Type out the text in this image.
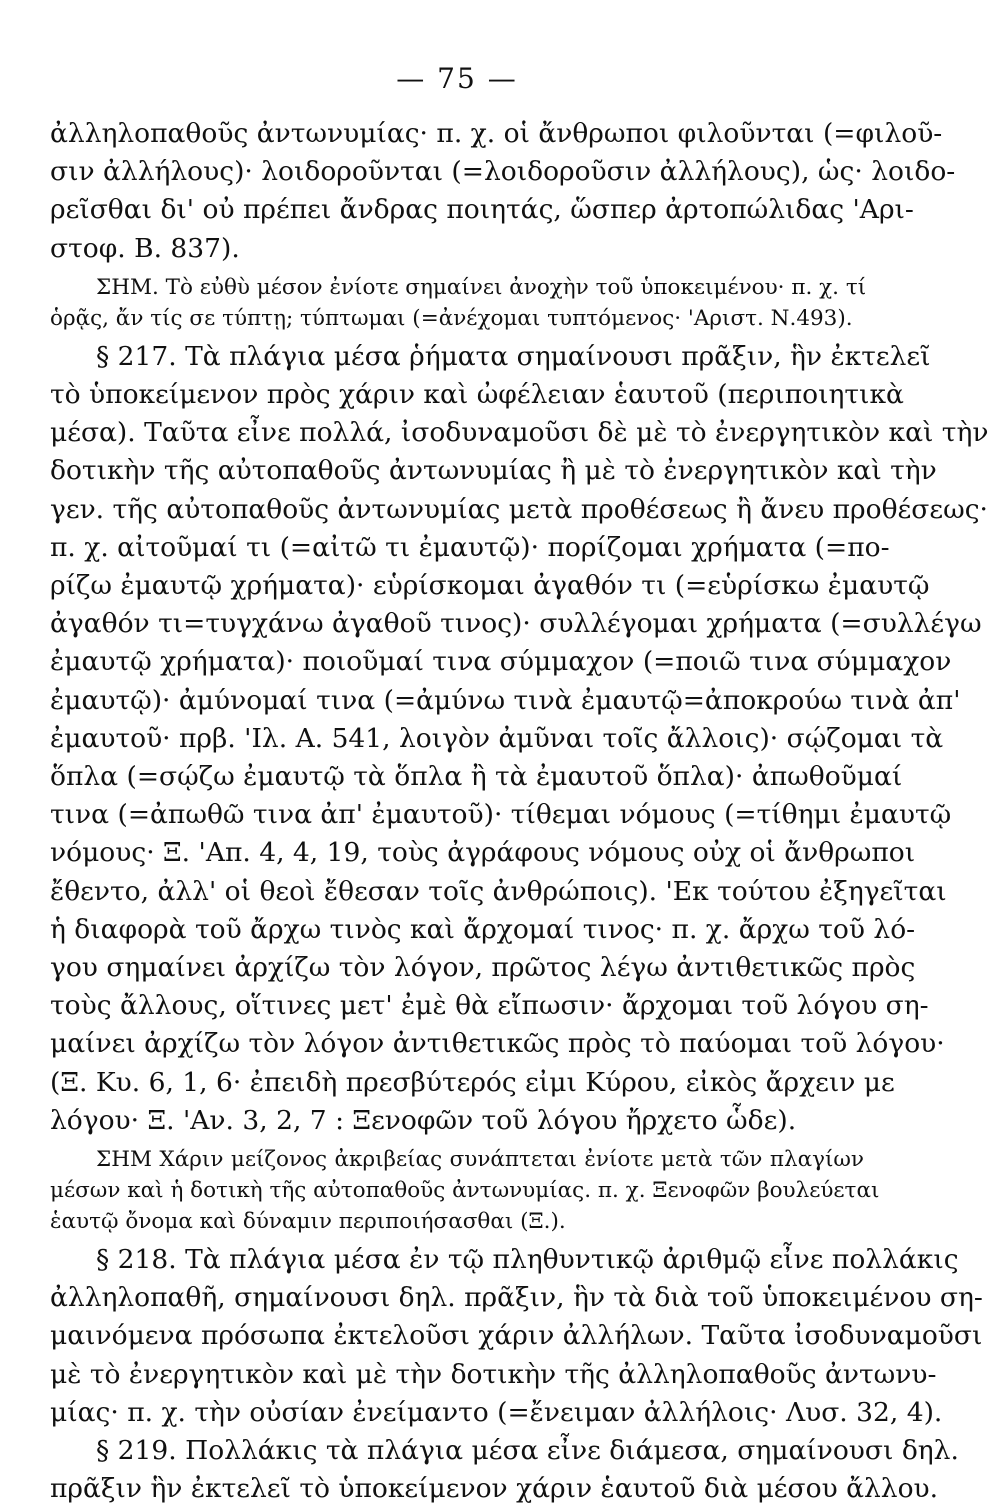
— 75 —
ἀλληλοπαθοῦς ἀντωνυμίας· π. χ. οἱ ἄνθρωποι φιλοῦνται (=φιλοῦ-
σιν ἀλλήλους)· λοιδοροῦνται (=λοιδοροῦσιν ἀλλήλους), ὡς· λοιδο-
ρεῖσθαι δι' οὐ πρέπει ἄνδρας ποιητάς, ὥσπερ ἀρτοπώλιδας 'Αρι-
στοφ. Β. 837).
ΣΗΜ. Τὸ εὐθὺ μέσον ἐνίοτε σημαίνει ἀνοχὴν τοῦ ὑποκειμένου· π. χ. τί
ὁρᾷς, ἄν τίς σε τύπτῃ; τύπτωμαι (=ἀνέχομαι τυπτόμενος· 'Αριστ. Ν.493).
§ 217. Τὰ πλάγια μέσα ῥήματα σημαίνουσι πρᾶξιν, ἣν ἐκτελεῖ
τὸ ὑποκείμενον πρὸς χάριν καὶ ὠφέλειαν ἑαυτοῦ (περιποιητικὰ
μέσα). Ταῦτα εἶνε πολλά, ἰσοδυναμοῦσι δὲ μὲ τὸ ἐνεργητικὸν καὶ τὴν
δοτικὴν τῆς αὐτοπαθοῦς ἀντωνυμίας ἢ μὲ τὸ ἐνεργητικὸν καὶ τὴν
γεν. τῆς αὐτοπαθοῦς ἀντωνυμίας μετὰ προθέσεως ἢ ἄνευ προθέσεως·
π. χ. αἰτοῦμαί τι (=αἰτῶ τι ἐμαυτῷ)· πορίζομαι χρήματα (=πο-
ρίζω ἐμαυτῷ χρήματα)· εὑρίσκομαι ἀγαθόν τι (=εὑρίσκω ἐμαυτῷ
ἀγαθόν τι=τυγχάνω ἀγαθοῦ τινος)· συλλέγομαι χρήματα (=συλλέγω
ἐμαυτῷ χρήματα)· ποιοῦμαί τινα σύμμαχον (=ποιῶ τινα σύμμαχον
ἐμαυτῷ)· ἀμύνομαί τινα (=ἀμύνω τινὰ ἐμαυτῷ=ἀποκρούω τινὰ ἀπ'
ἐμαυτοῦ· πρβ. 'Ιλ. Α. 541, λοιγὸν ἀμῦναι τοῖς ἄλλοις)· σῴζομαι τὰ
ὅπλα (=σῴζω ἐμαυτῷ τὰ ὅπλα ἢ τὰ ἐμαυτοῦ ὅπλα)· ἀπωθοῦμαί
τινα (=ἀπωθῶ τινα ἀπ' ἐμαυτοῦ)· τίθεμαι νόμους (=τίθημι ἐμαυτῷ
νόμους· Ξ. 'Απ. 4, 4, 19, τοὺς ἀγράφους νόμους οὐχ οἱ ἄνθρωποι
ἔθεντο, ἀλλ' οἱ θεοὶ ἔθεσαν τοῖς ἀνθρώποις). 'Εκ τούτου ἐξηγεῖται
ἡ διαφορὰ τοῦ ἄρχω τινὸς καὶ ἄρχομαί τινος· π. χ. ἄρχω τοῦ λό-
γου σημαίνει ἀρχίζω τὸν λόγον, πρῶτος λέγω ἀντιθετικῶς πρὸς
τοὺς ἄλλους, οἵτινες μετ' ἐμὲ θὰ εἴπωσιν· ἄρχομαι τοῦ λόγου ση-
μαίνει ἀρχίζω τὸν λόγον ἀντιθετικῶς πρὸς τὸ παύομαι τοῦ λόγου·
(Ξ. Κυ. 6, 1, 6· ἐπειδὴ πρεσβύτερός εἰμι Κύρου, εἰκὸς ἄρχειν με
λόγου· Ξ. 'Αν. 3, 2, 7 : Ξενοφῶν τοῦ λόγου ἤρχετο ὧδε).
ΣΗΜ Χάριν μείζονος ἀκριβείας συνάπτεται ἐνίοτε μετὰ τῶν πλαγίων
μέσων καὶ ἡ δοτικὴ τῆς αὐτοπαθοῦς ἀντωνυμίας. π. χ. Ξενοφῶν βουλεύεται
ἑαυτῷ ὄνομα καὶ δύναμιν περιποιήσασθαι (Ξ.).
§ 218. Τὰ πλάγια μέσα ἐν τῷ πληθυντικῷ ἀριθμῷ εἶνε πολλάκις
ἀλληλοπαθῆ, σημαίνουσι δηλ. πρᾶξιν, ἣν τὰ διὰ τοῦ ὑποκειμένου ση-
μαινόμενα πρόσωπα ἐκτελοῦσι χάριν ἀλλήλων. Ταῦτα ἰσοδυναμοῦσι
μὲ τὸ ἐνεργητικὸν καὶ μὲ τὴν δοτικὴν τῆς ἀλληλοπαθοῦς ἀντωνυ-
μίας· π. χ. τὴν οὐσίαν ἐνείμαντο (=ἔνειμαν ἀλλήλοις· Λυσ. 32, 4).
§ 219. Πολλάκις τὰ πλάγια μέσα εἶνε διάμεσα, σημαίνουσι δηλ.
πρᾶξιν ἣν ἐκτελεῖ τὸ ὑποκείμενον χάριν ἑαυτοῦ διὰ μέσου ἄλλου.
